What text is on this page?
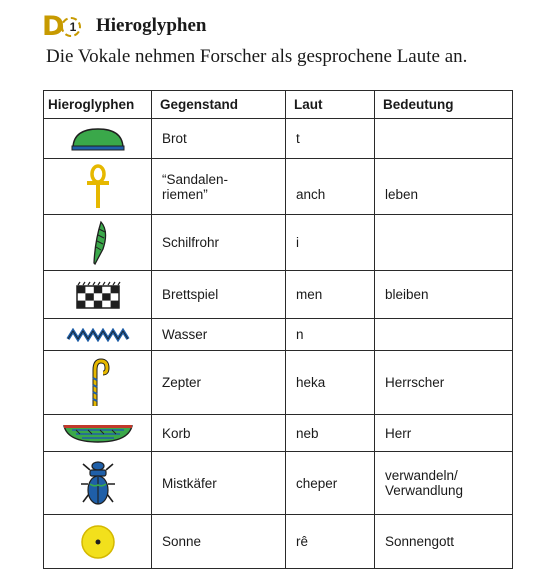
D 1	Hieroglyphen
Die Vokale nehmen Forscher als gesprochene Laute an.
Hieroglyphen	Gegenstand	Laut	Bedeutung

	Brot	t	

	“Sandalen-
riemen”	anch	leben

	Schilfrohr	i	

	Brettspiel	men	bleiben

	Wasser	n	

	Zepter	heka	Herrscher

	Korb	neb	Herr

	Mistkäfer	cheper	verwandeln/
Verwandlung

	Sonne	rê	Sonnengott
